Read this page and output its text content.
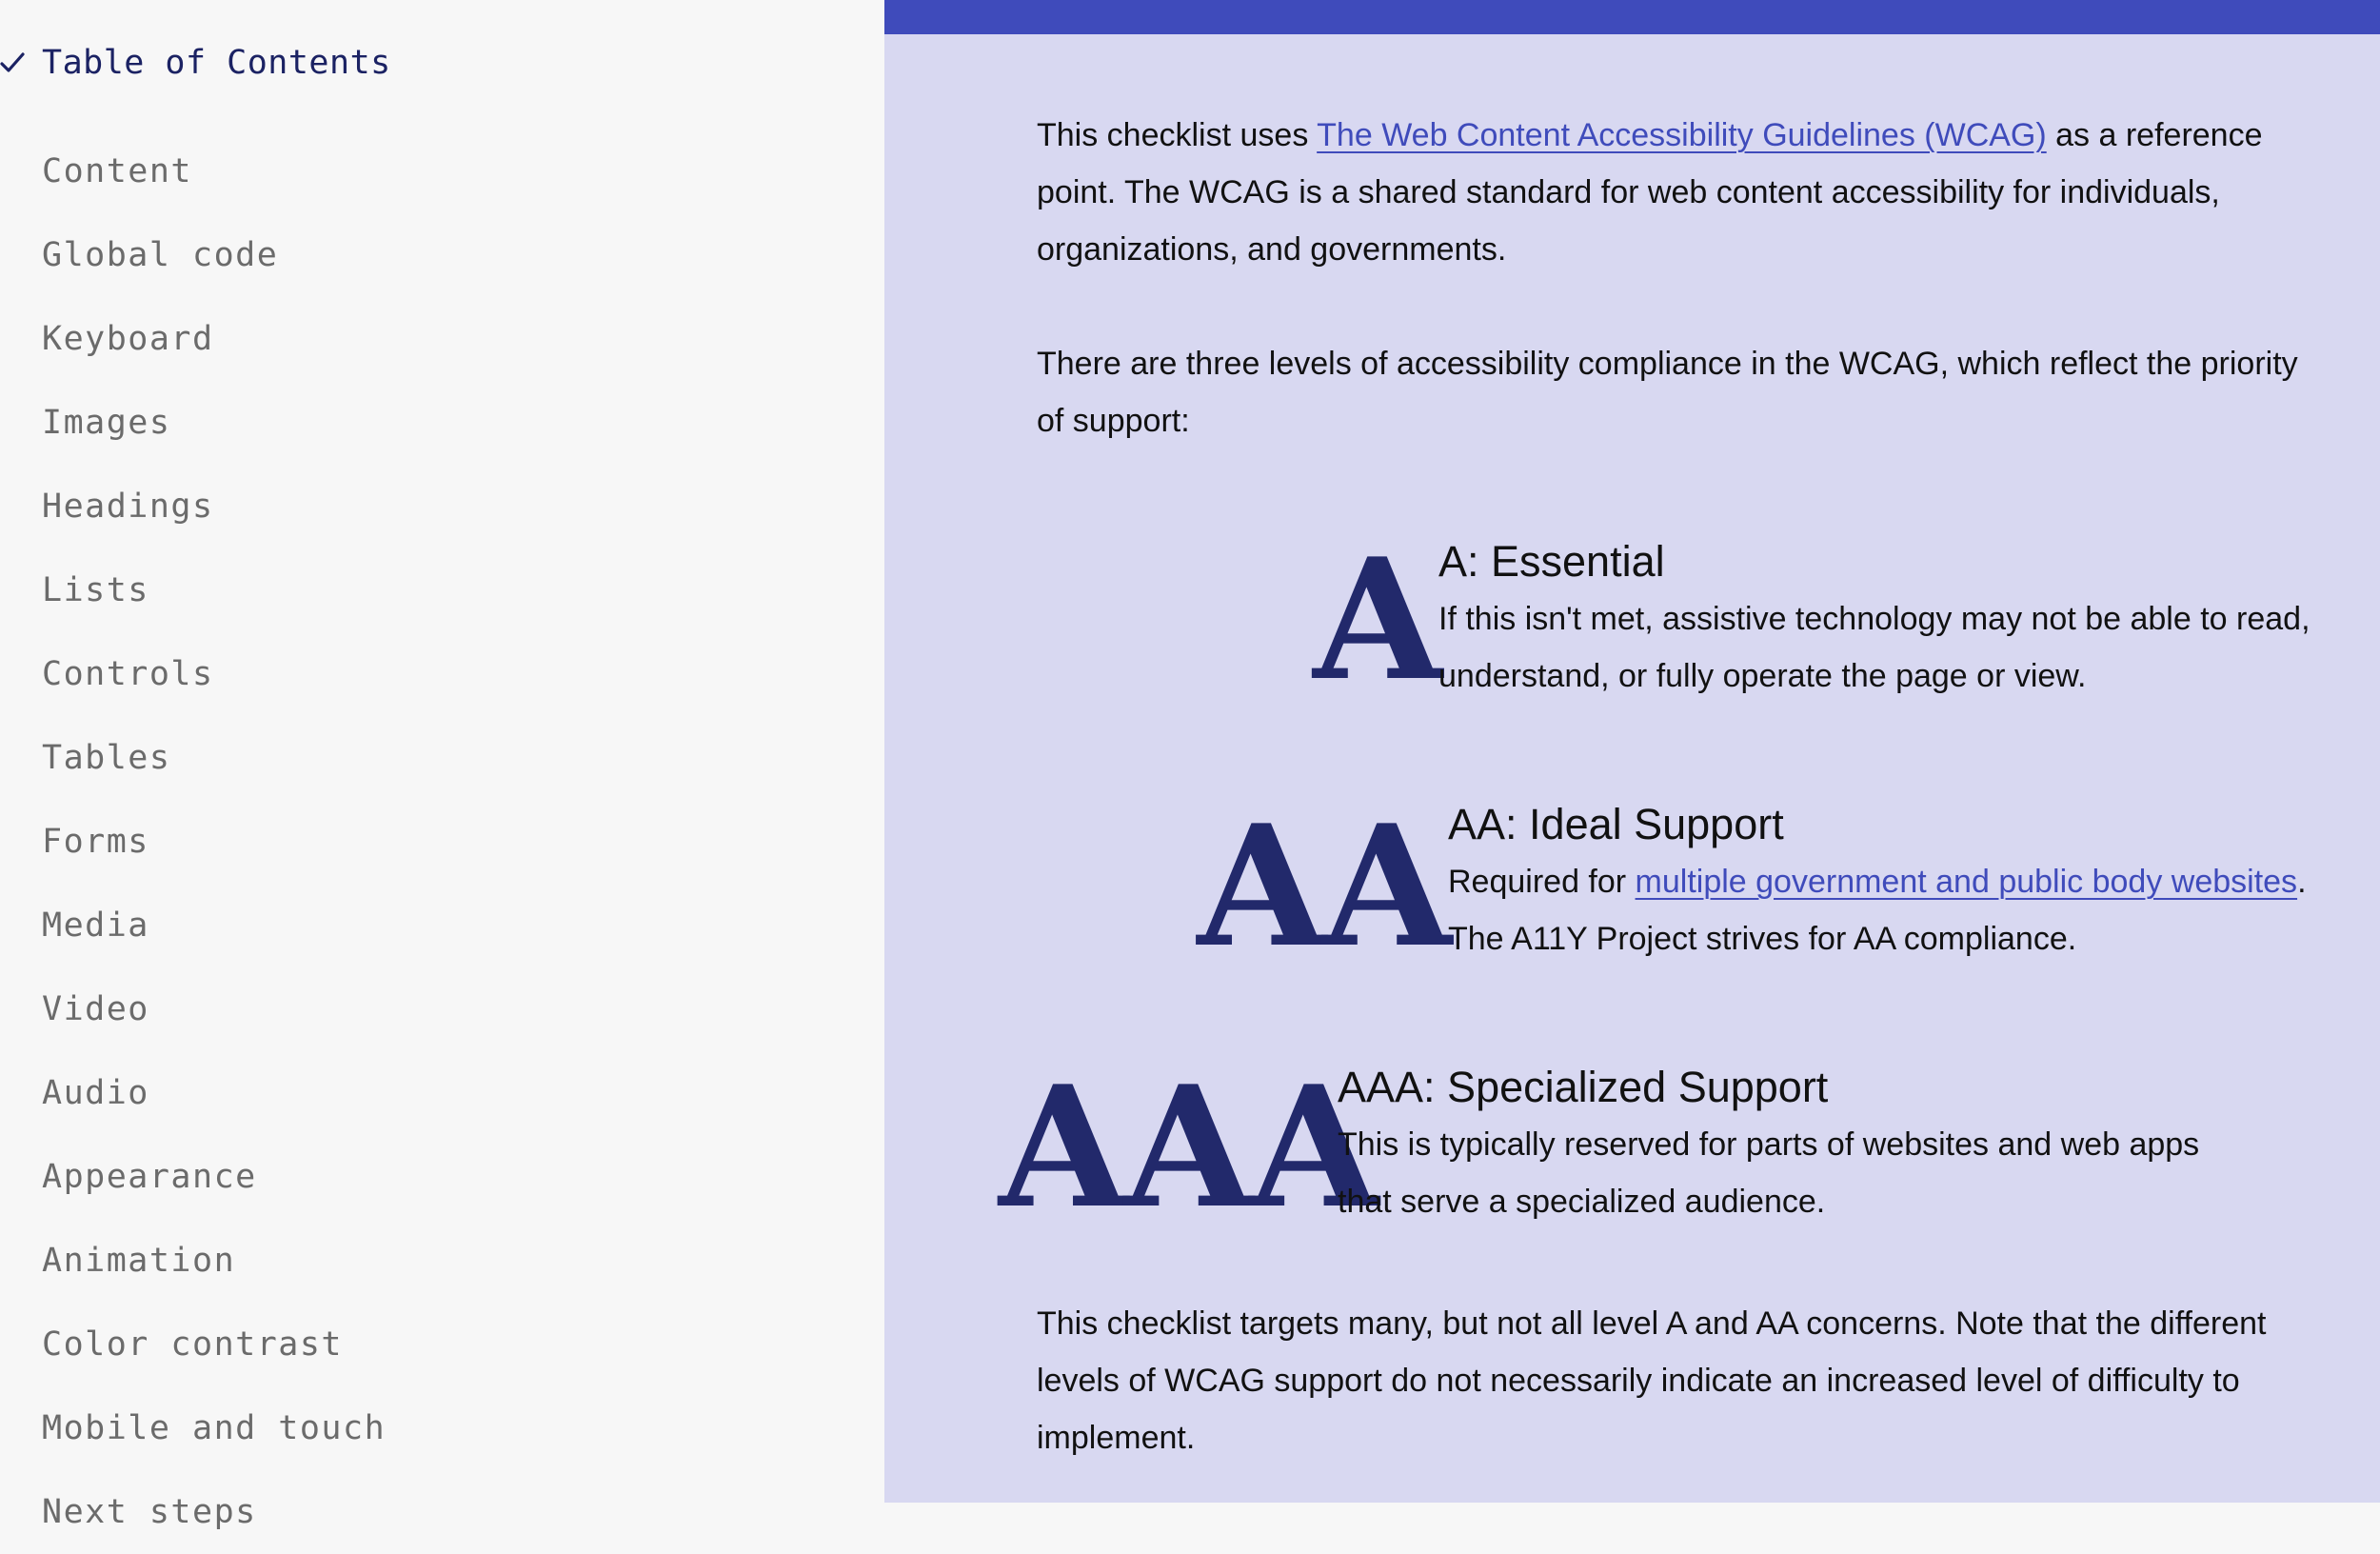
Table of Contents
Content
Global code
Keyboard
Images
Headings
Lists
Controls
Tables
Forms
Media
Video
Audio
Appearance
Animation
Color contrast
Mobile and touch
Next steps

This checklist uses The Web Content Accessibility Guidelines (WCAG) as a reference point. The WCAG is a shared standard for web content accessibility for individuals, organizations, and governments.

There are three levels of accessibility compliance in the WCAG, which reflect the priority of support:

A A: Essential
If this isn't met, assistive technology may not be able to read, understand, or fully operate the page or view.
AA AA: Ideal Support
Required for multiple government and public body websites. The A11Y Project strives for AA compliance.
AAA
AAA: Specialized Support
This is typically reserved for parts of websites and web apps that serve a specialized audience.

This checklist targets many, but not all level A and AA concerns. Note that the different levels of WCAG support do not necessarily indicate an increased level of difficulty to implement.
